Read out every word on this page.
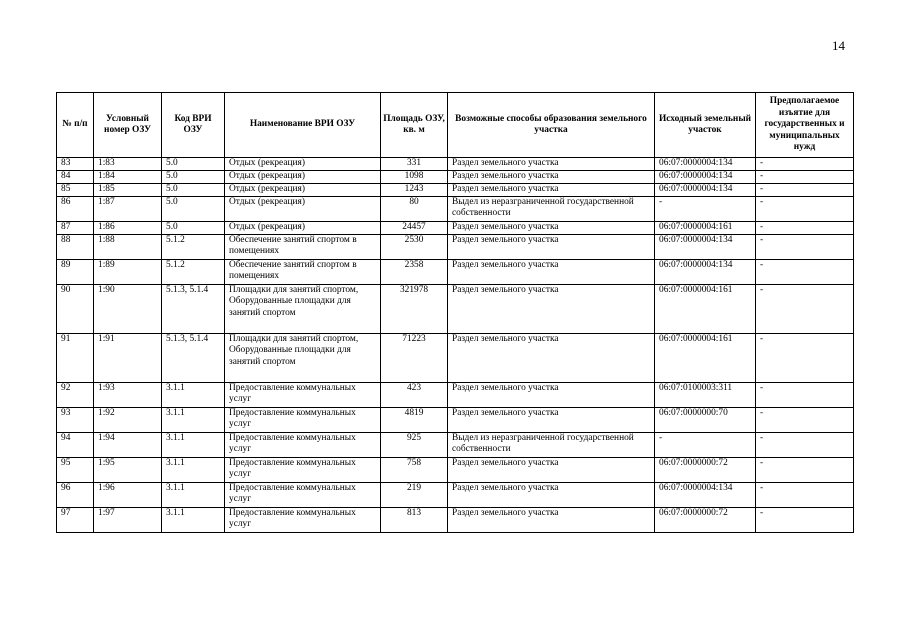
14
№ п/п	Условный номер ОЗУ	Код ВРИ ОЗУ	Наименование ВРИ ОЗУ	Площадь ОЗУ, кв. м	Возможные способы образования земельного участка	Исходный земельный участок	Предполагаемое изъятие для государственных и муниципальных нужд
83	1:83	5.0	Отдых (рекреация)	331	Раздел земельного участка	06:07:0000004:134	-
84	1:84	5.0	Отдых (рекреация)	1098	Раздел земельного участка	06:07:0000004:134	-
85	1:85	5.0	Отдых (рекреация)	1243	Раздел земельного участка	06:07:0000004:134	-
86	1:87	5.0	Отдых (рекреация)	80	Выдел из неразграниченной государственной собственности	-	-
87	1:86	5.0	Отдых (рекреация)	24457	Раздел земельного участка	06:07:0000004:161	-
88	1:88	5.1.2	Обеспечение занятий спортом в помещениях	2530	Раздел земельного участка	06:07:0000004:134	-
89	1:89	5.1.2	Обеспечение занятий спортом в помещениях	2358	Раздел земельного участка	06:07:0000004:134	-
90	1:90	5.1.3, 5.1.4	Площадки для занятий спортом, Оборудованные площадки для занятий спортом	321978	Раздел земельного участка	06:07:0000004:161	-
91	1:91	5.1.3, 5.1.4	Площадки для занятий спортом, Оборудованные площадки для занятий спортом	71223	Раздел земельного участка	06:07:0000004:161	-
92	1:93	3.1.1	Предоставление коммунальных услуг	423	Раздел земельного участка	06:07:0100003:311	-
93	1:92	3.1.1	Предоставление коммунальных услуг	4819	Раздел земельного участка	06:07:0000000:70	-
94	1:94	3.1.1	Предоставление коммунальных услуг	925	Выдел из неразграниченной государственной собственности	-	-
95	1:95	3.1.1	Предоставление коммунальных услуг	758	Раздел земельного участка	06:07:0000000:72	-
96	1:96	3.1.1	Предоставление коммунальных услуг	219	Раздел земельного участка	06:07:0000004:134	-
97	1:97	3.1.1	Предоставление коммунальных услуг	813	Раздел земельного участка	06:07:0000000:72	-
